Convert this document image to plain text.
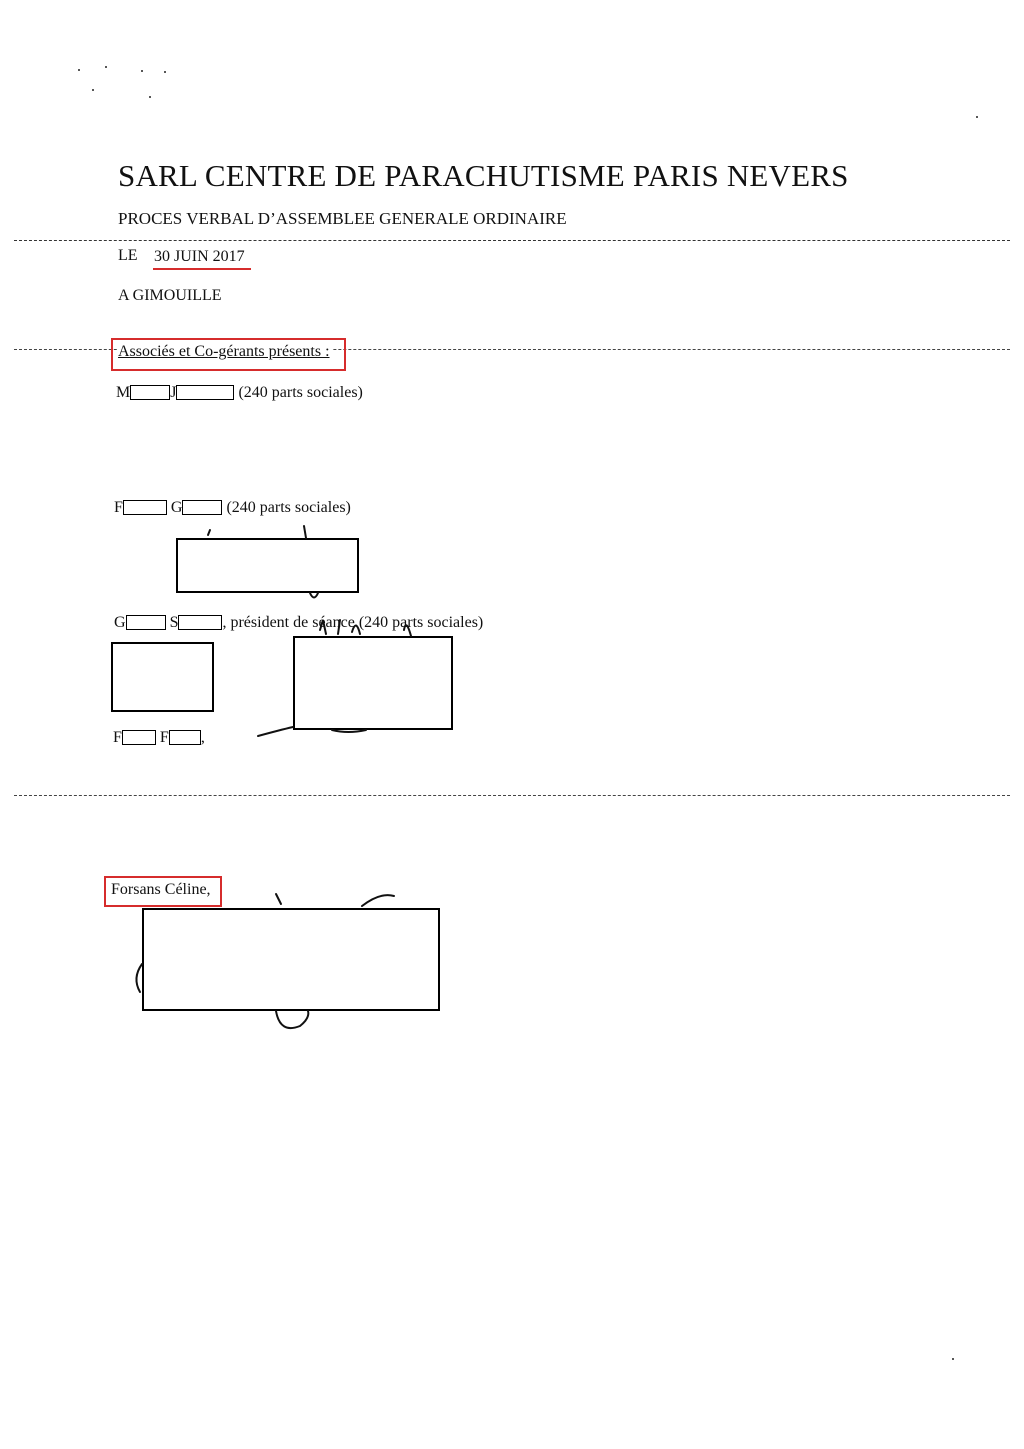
SARL CENTRE DE PARACHUTISME PARIS NEVERS
PROCES VERBAL D’ASSEMBLEE GENERALE ORDINAIRE
LE 30 JUIN 2017
A GIMOUILLE
Associés et Co-gérants présents :
M	J	(240 parts sociales)
F	G	(240 parts sociales)
G	S	, président de séance (240 parts sociales)
F F ,
Forsans Céline,
